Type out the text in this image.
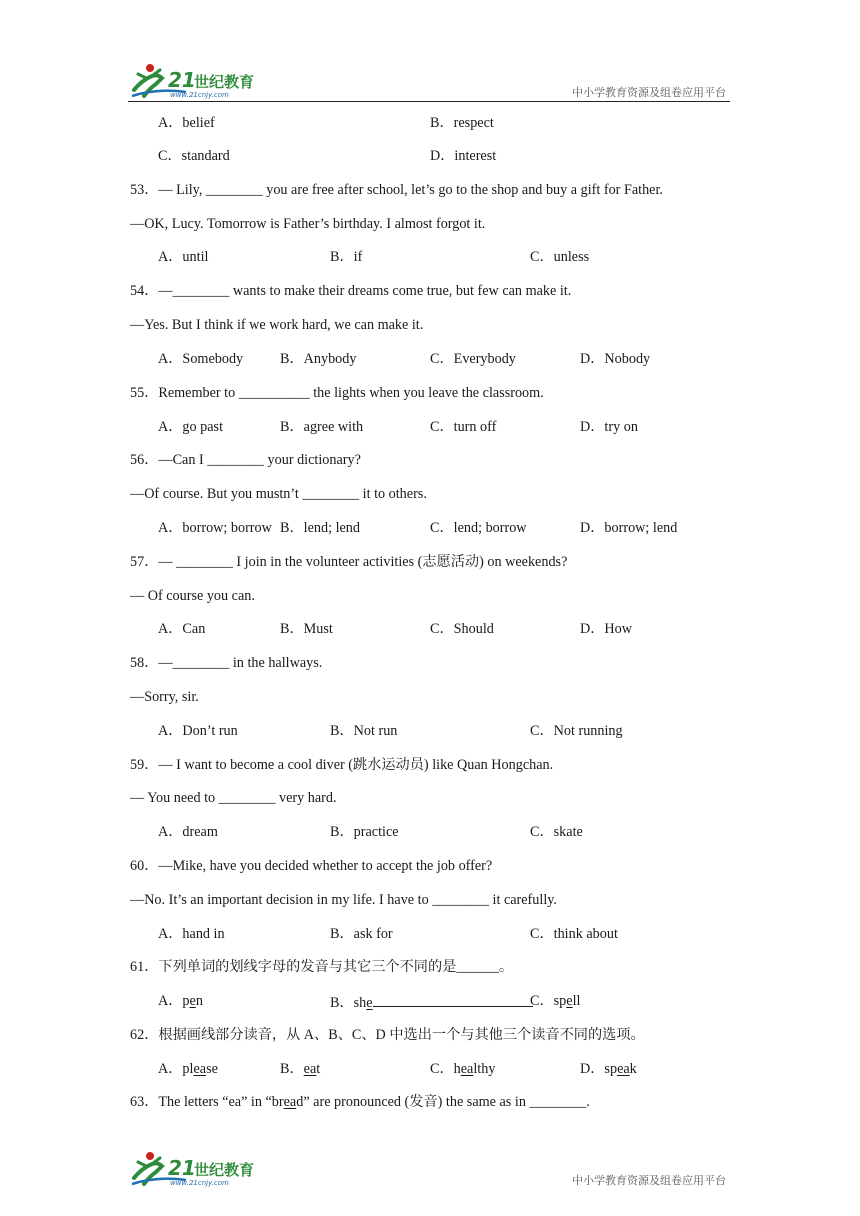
21
世纪教育
www.21cnjy.com	中小学教育资源及组卷应用平台
A．belief	B．respect
C．standard	D．interest
53．— Lily, ________ you are free after school, let’s go to the shop and buy a gift for Father.
—OK, Lucy. Tomorrow is Father’s birthday. I almost forgot it.
A．until	B．if	C．unless
54．—________ wants to make their dreams come true, but few can make it.
—Yes. But I think if we work hard, we can make it.
A．Somebody	B．Anybody	C．Everybody	D．Nobody
55．Remember to __________ the lights when you leave the classroom.
A．go past	B．agree with	C．turn off	D．try on
56．—Can I ________ your dictionary?
—Of course. But you mustn’t ________ it to others.
A．borrow; borrow B．lend; lend	C．lend; borrow	D．borrow; lend
57．— ________ I join in the volunteer activities (志愿活动) on weekends?
— Of course you can.
A．Can	B．Must	C．Should	D．How
58．—________ in the hallways.
—Sorry, sir.
A．Don’t run	B．Not run	C．Not running
59．— I want to become a cool diver (跳水运动员) like Quan Hongchan.
— You need to ________ very hard.
A．dream	B．practice	C．skate
60．—Mike, have you decided whether to accept the job offer?
—No. It’s an important decision in my life. I have to ________ it carefully.
A．hand in	B．ask for	C．think about
61．下列单词的划线字母的发音与其它三个不同的是______。
A．pen	B．she	C．spell
62．根据画线部分读音，从 A、B、C、D 中选出一个与其他三个读音不同的选项。
A．please	B．eat	C．healthy	D．speak
63．The letters “ea” in “bread” are pronounced (发音) the same as in ________.
21
世纪教育
www.21cnjy.com	中小学教育资源及组卷应用平台
